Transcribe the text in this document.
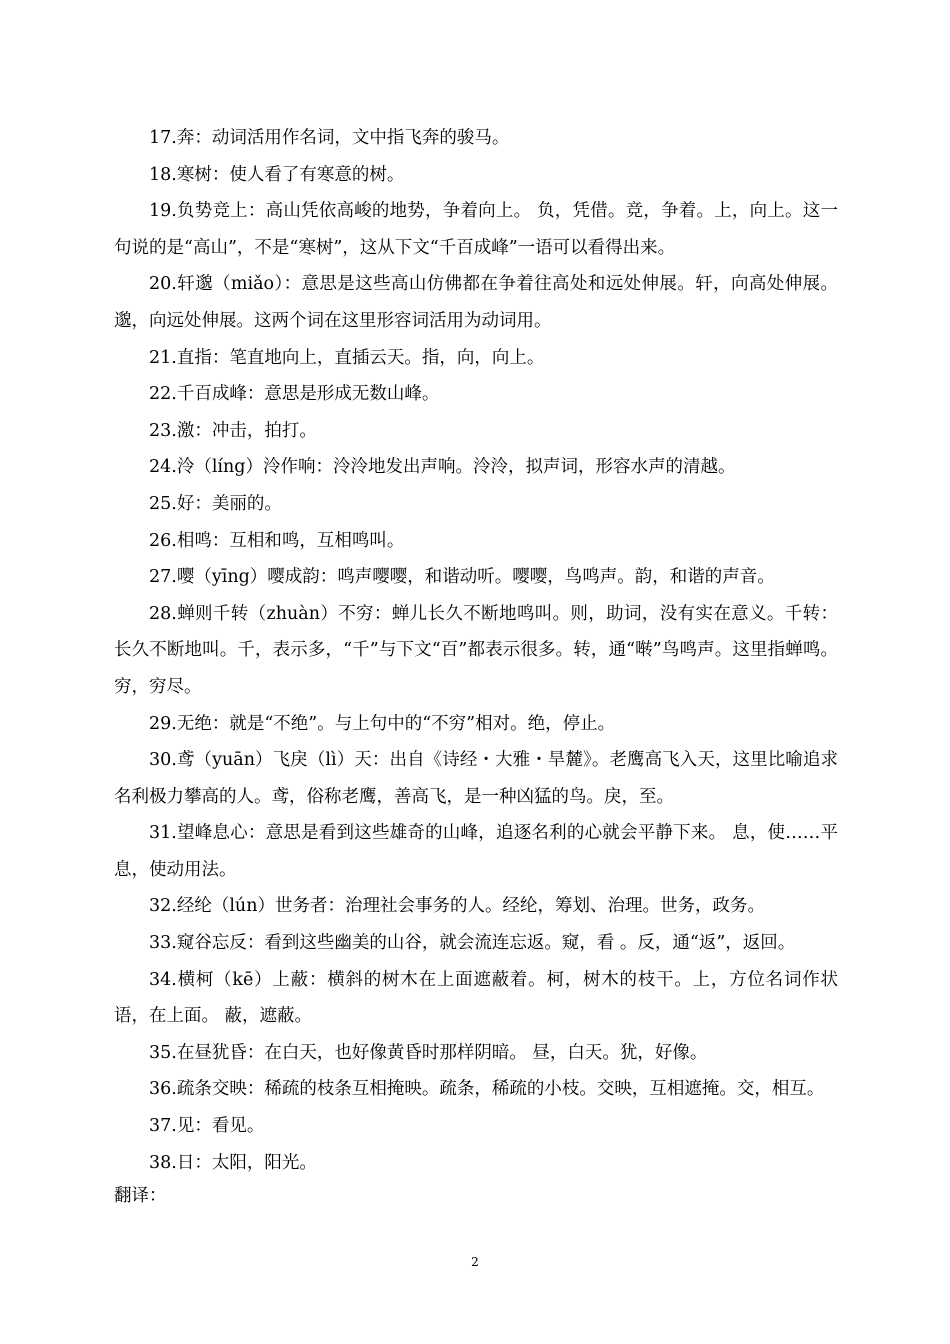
17.奔：动词活用作名词，文中指飞奔的骏马。

18.寒树：使人看了有寒意的树。

19.负势竞上：高山凭依高峻的地势，争着向上。 负，凭借。竞，争着。上，向上。这一句说的是“高山”，不是“寒树”，这从下文“千百成峰”一语可以看得出来。

20.轩邈（miǎo）：意思是这些高山仿佛都在争着往高处和远处伸展。轩，向高处伸展。邈，向远处伸展。这两个词在这里形容词活用为动词用。

21.直指：笔直地向上，直插云天。指，向，向上。

22.千百成峰：意思是形成无数山峰。

23.激：冲击，拍打。

24.泠（líng）泠作响：泠泠地发出声响。泠泠，拟声词，形容水声的清越。

25.好：美丽的。

26.相鸣：互相和鸣，互相鸣叫。

27.嘤（yīng）嘤成韵：鸣声嘤嘤，和谐动听。嘤嘤，鸟鸣声。韵，和谐的声音。

28.蝉则千转（zhuàn）不穷：蝉儿长久不断地鸣叫。则，助词，没有实在意义。千转：长久不断地叫。千，表示多，“千”与下文“百”都表示很多。转，通“啭”鸟鸣声。这里指蝉鸣。穷，穷尽。

29.无绝：就是“不绝”。与上句中的“不穷”相对。绝，停止。

30.鸢（yuān）飞戾（lì）天：出自《诗经・大雅・旱麓》。老鹰高飞入天，这里比喻追求名利极力攀高的人。鸢，俗称老鹰，善高飞，是一种凶猛的鸟。戾，至。

31.望峰息心：意思是看到这些雄奇的山峰，追逐名利的心就会平静下来。 息，使……平息，使动用法。

32.经纶（lún）世务者：治理社会事务的人。经纶，筹划、治理。世务，政务。

33.窥谷忘反：看到这些幽美的山谷，就会流连忘返。窥，看 。反，通“返”，返回。

34.横柯（kē）上蔽：横斜的树木在上面遮蔽着。柯，树木的枝干。上，方位名词作状语，在上面。 蔽，遮蔽。

35.在昼犹昏：在白天，也好像黄昏时那样阴暗。 昼，白天。犹，好像。

36.疏条交映：稀疏的枝条互相掩映。疏条，稀疏的小枝。交映，互相遮掩。交，相互。

37.见：看见。

38.日：太阳，阳光。

翻译：

2
